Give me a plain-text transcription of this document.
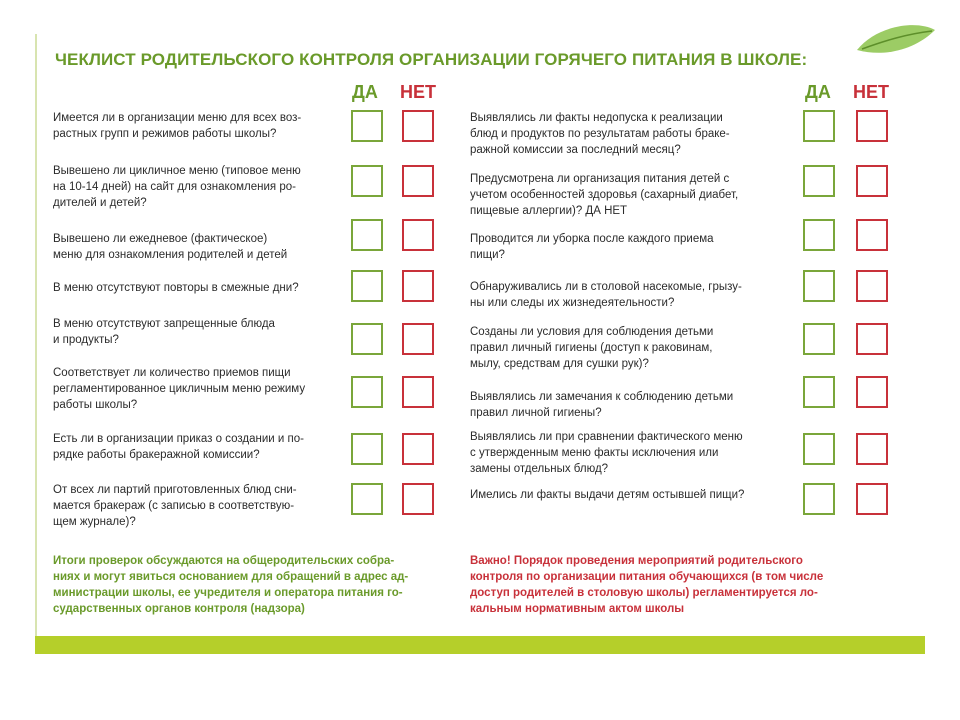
ЧЕКЛИСТ РОДИТЕЛЬСКОГО КОНТРОЛЯ ОРГАНИЗАЦИИ ГОРЯЧЕГО ПИТАНИЯ В ШКОЛЕ:
ДА НЕТ	ДА НЕТ
Имеется ли в организации меню для всех воз-
растных групп и режимов работы школы?
Вывешено ли цикличное меню (типовое меню
на 10-14 дней) на сайт для ознакомления ро-
дителей и детей?
Вывешено ли ежедневое (фактическое)
меню для ознакомления родителей и детей
В меню отсутствуют повторы в смежные дни?
В меню отсутствуют запрещенные блюда
и продукты?
Соответствует ли количество приемов пищи
регламентированное цикличным меню режиму
работы школы?
Есть ли в организации приказ о создании и по-
рядке работы бракеражной комиссии?
От всех ли партий приготовленных блюд сни-
мается бракераж (с записью в соответствую-
щем журнале)?
Выявлялись ли факты недопуска к реализации
блюд и продуктов по результатам работы браке-
ражной комиссии за последний месяц?
Предусмотрена ли организация питания детей с
учетом особенностей здоровья (сахарный диабет,
пищевые аллергии)? ДА НЕТ
Проводится ли уборка после каждого приема
пищи?
Обнаруживались ли в столовой насекомые, грызу-
ны или следы их жизнедеятельности?
Созданы ли условия для соблюдения детьми
правил личный гигиены (доступ к раковинам,
мылу, средствам для сушки рук)?
Выявлялись ли замечания к соблюдению детьми
правил личной гигиены?
Выявлялись ли при сравнении фактического меню
с утвержденным меню факты исключения или
замены отдельных блюд?
Имелись ли факты выдачи детям остывшей пищи?
Итоги проверок обсуждаются на общеродительских собра-
ниях и могут явиться основанием для обращений в адрес ад-
министрации школы, ее учредителя и оператора питания го-
сударственных органов контроля (надзора)
Важно! Порядок проведения мероприятий родительского
контроля по организации питания обучающихся (в том числе
доступ родителей в столовую школы) регламентируется ло-
кальным нормативным актом школы
